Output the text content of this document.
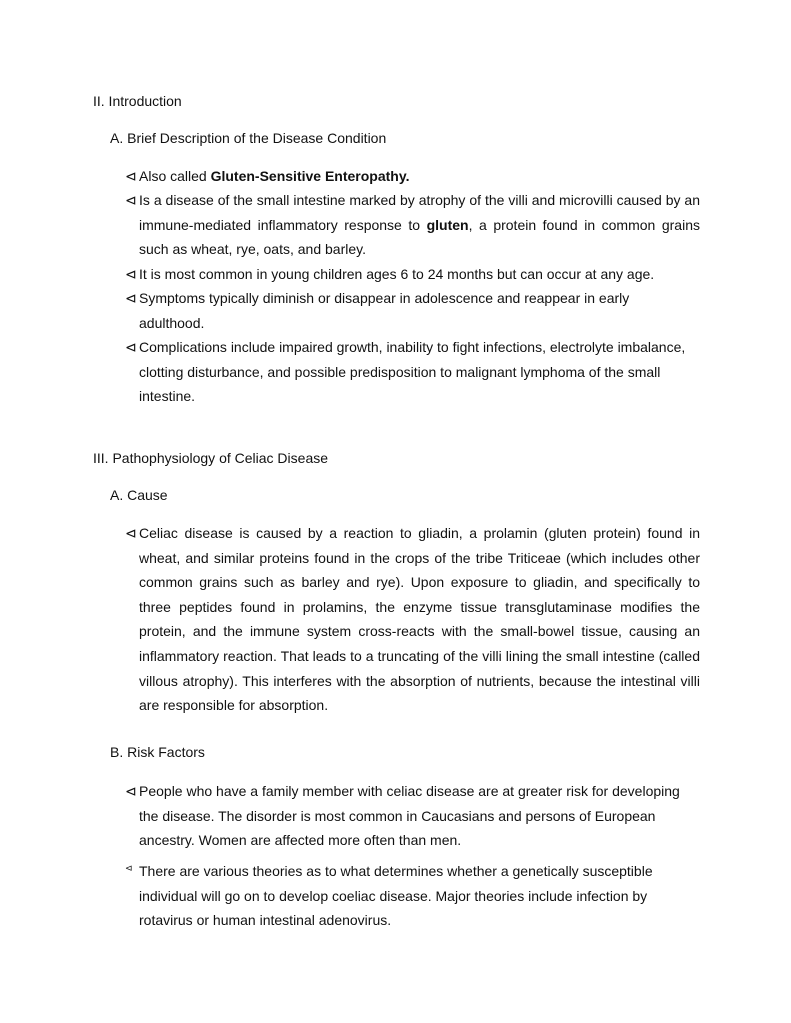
II. Introduction
A. Brief Description of the Disease Condition
⊲ Also called Gluten-Sensitive Enteropathy.
⊲ Is a disease of the small intestine marked by atrophy of the villi and microvilli caused by an immune-mediated inflammatory response to gluten, a protein found in common grains such as wheat, rye, oats, and barley.
⊲ It is most common in young children ages 6 to 24 months but can occur at any age.
⊲ Symptoms typically diminish or disappear in adolescence and reappear in early adulthood.
⊲ Complications include impaired growth, inability to fight infections, electrolyte imbalance, clotting disturbance, and possible predisposition to malignant lymphoma of the small intestine.
III. Pathophysiology of Celiac Disease
A. Cause
⊲ Celiac disease is caused by a reaction to gliadin, a prolamin (gluten protein) found in wheat, and similar proteins found in the crops of the tribe Triticeae (which includes other common grains such as barley and rye). Upon exposure to gliadin, and specifically to three peptides found in prolamins, the enzyme tissue transglutaminase modifies the protein, and the immune system cross-reacts with the small-bowel tissue, causing an inflammatory reaction. That leads to a truncating of the villi lining the small intestine (called villous atrophy). This interferes with the absorption of nutrients, because the intestinal villi are responsible for absorption.
B. Risk Factors
⊲ People who have a family member with celiac disease are at greater risk for developing the disease. The disorder is most common in Caucasians and persons of European ancestry. Women are affected more often than men.
⊲ There are various theories as to what determines whether a genetically susceptible individual will go on to develop coeliac disease. Major theories include infection by rotavirus or human intestinal adenovirus.
